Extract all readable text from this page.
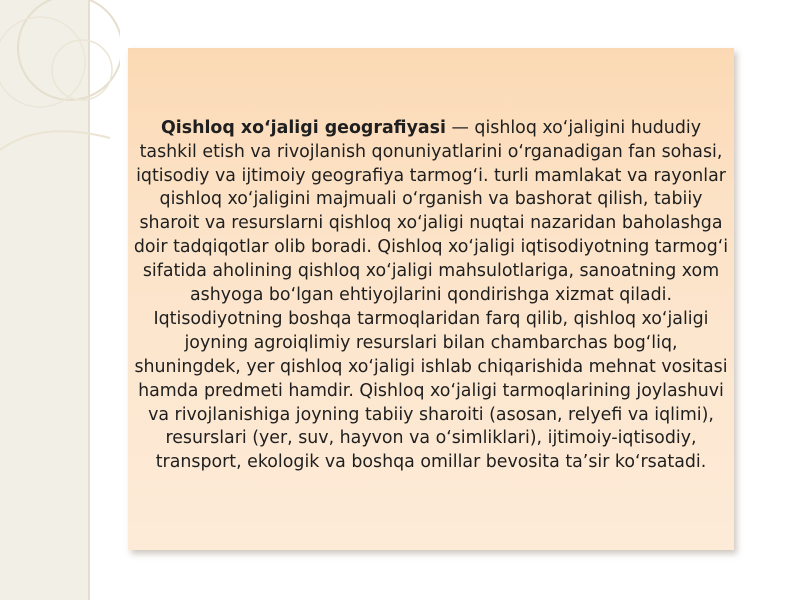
Qishloq xo‘jaligi geografiyasi — qishloq xo‘jaligini hududiy tashkil etish va rivojlanish qonuniyatlarini o‘rganadigan fan sohasi, iqtisodiy va ijtimoiy geografiya tarmog‘i. turli mamlakat va rayonlar qishloq xo‘jaligini majmuali o‘rganish va bashorat qilish, tabiiy sharoit va resurslarni qishloq xo‘jaligi nuqtai nazaridan baholashga doir tadqiqotlar olib boradi. Qishloq xo‘jaligi iqtisodiyotning tarmog‘i sifatida aholining qishloq xo‘jaligi mahsulotlariga, sanoatning xom ashyoga bo‘lgan ehtiyojlarini qondirishga xizmat qiladi. Iqtisodiyotning boshqa tarmoqlaridan farq qilib, qishloq xo‘jaligi joyning agroiqlimiy resurslari bilan chambarchas bog‘liq, shuningdek, yer qishloq xo‘jaligi ishlab chiqarishida mehnat vositasi hamda predmeti hamdir. Qishloq xo‘jaligi tarmoqlarining joylashuvi va rivojlanishiga joyning tabiiy sharoiti (asosan, relyefi va iqlimi), resurslari (yer, suv, hayvon va o‘simliklari), ijtimoiy-iqtisodiy, transport, ekologik va boshqa omillar bevosita ta’sir ko‘rsatadi.
